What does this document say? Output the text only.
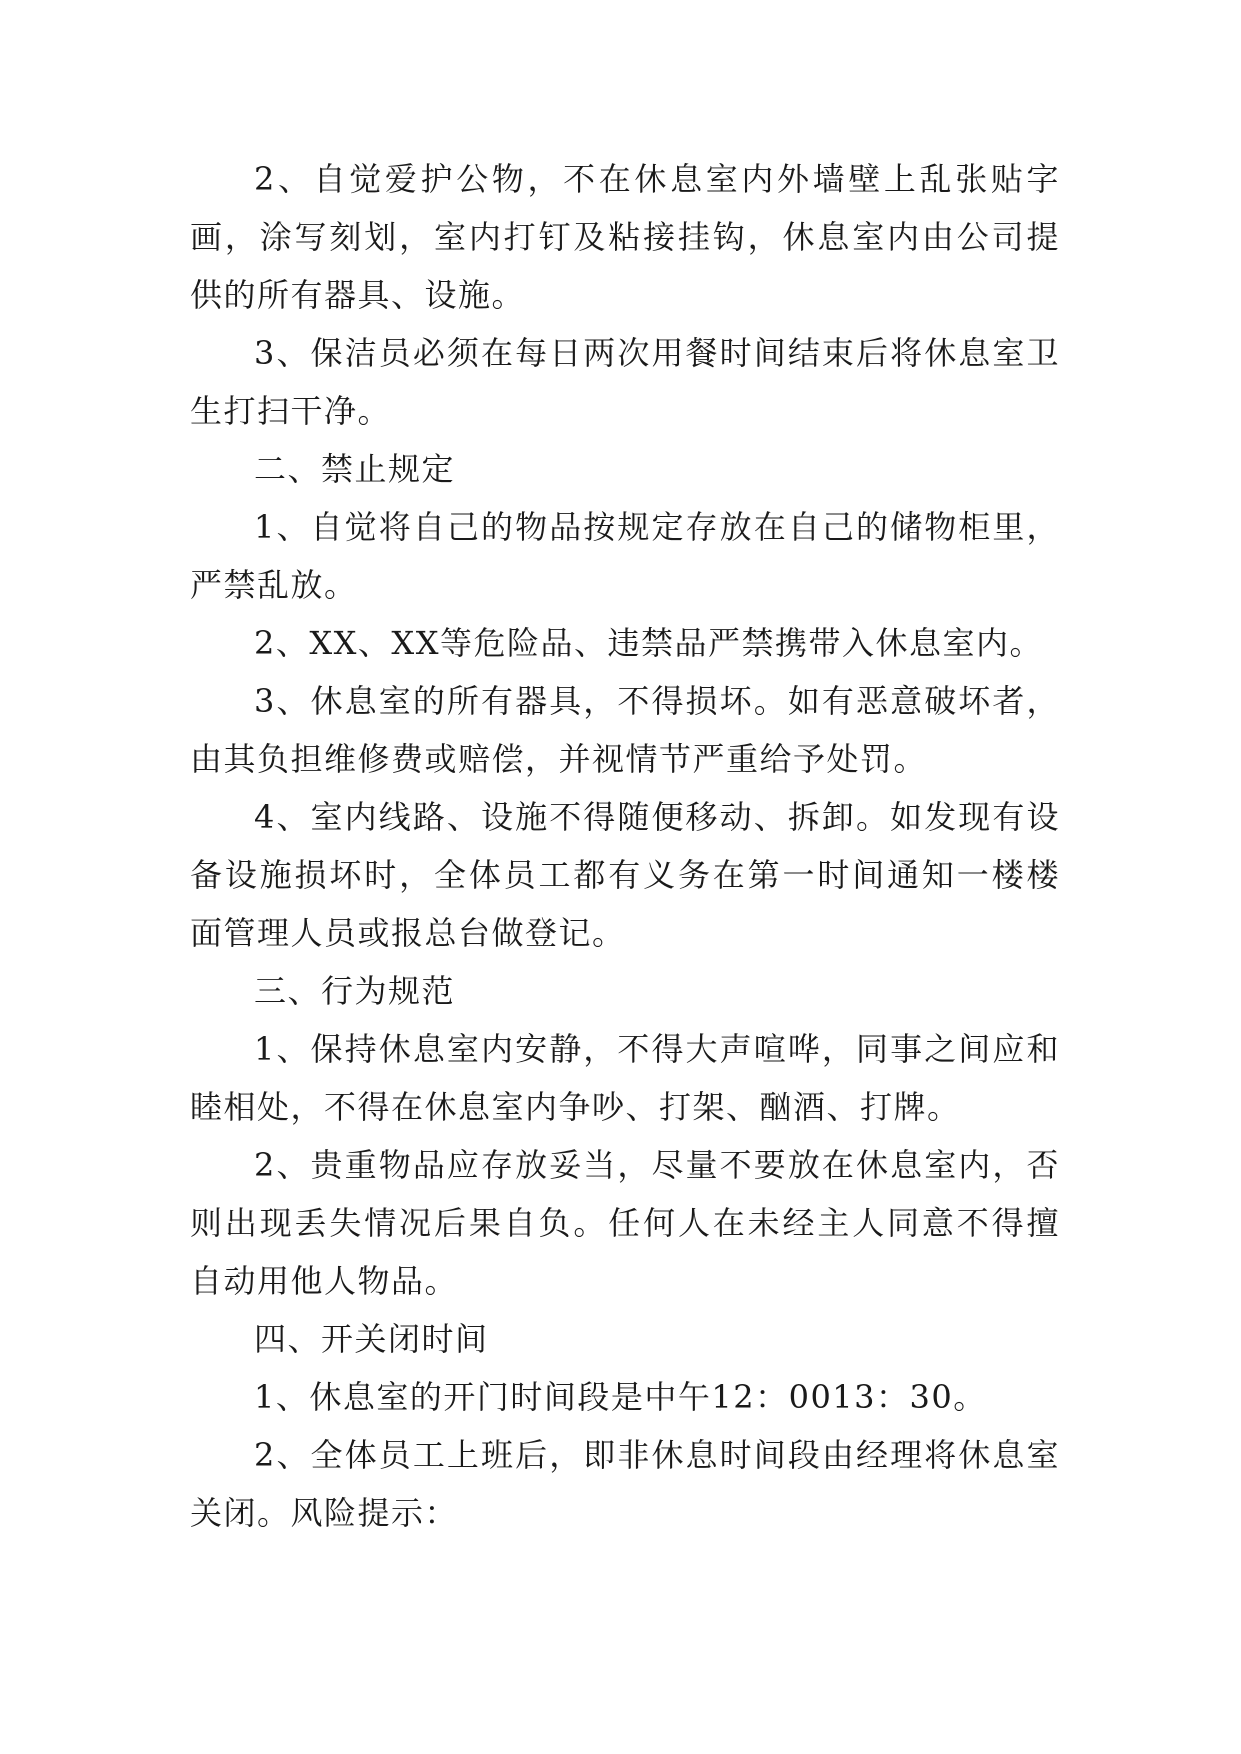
2、自觉爱护公物，不在休息室内外墙壁上乱张贴字画，涂写刻划，室内打钉及粘接挂钩，休息室内由公司提供的所有器具、设施。

3、保洁员必须在每日两次用餐时间结束后将休息室卫生打扫干净。

二、禁止规定

1、自觉将自己的物品按规定存放在自己的储物柜里，严禁乱放。

2、XX、XX等危险品、违禁品严禁携带入休息室内。

3、休息室的所有器具，不得损坏。如有恶意破坏者，由其负担维修费或赔偿，并视情节严重给予处罚。

4、室内线路、设施不得随便移动、拆卸。如发现有设备设施损坏时，全体员工都有义务在第一时间通知一楼楼面管理人员或报总台做登记。

三、行为规范

1、保持休息室内安静，不得大声喧哗，同事之间应和睦相处，不得在休息室内争吵、打架、酗酒、打牌。

2、贵重物品应存放妥当，尽量不要放在休息室内，否则出现丢失情况后果自负。任何人在未经主人同意不得擅自动用他人物品。

四、开关闭时间

1、休息室的开门时间段是中午12：0013：30。

2、全体员工上班后，即非休息时间段由经理将休息室关闭。风险提示：
